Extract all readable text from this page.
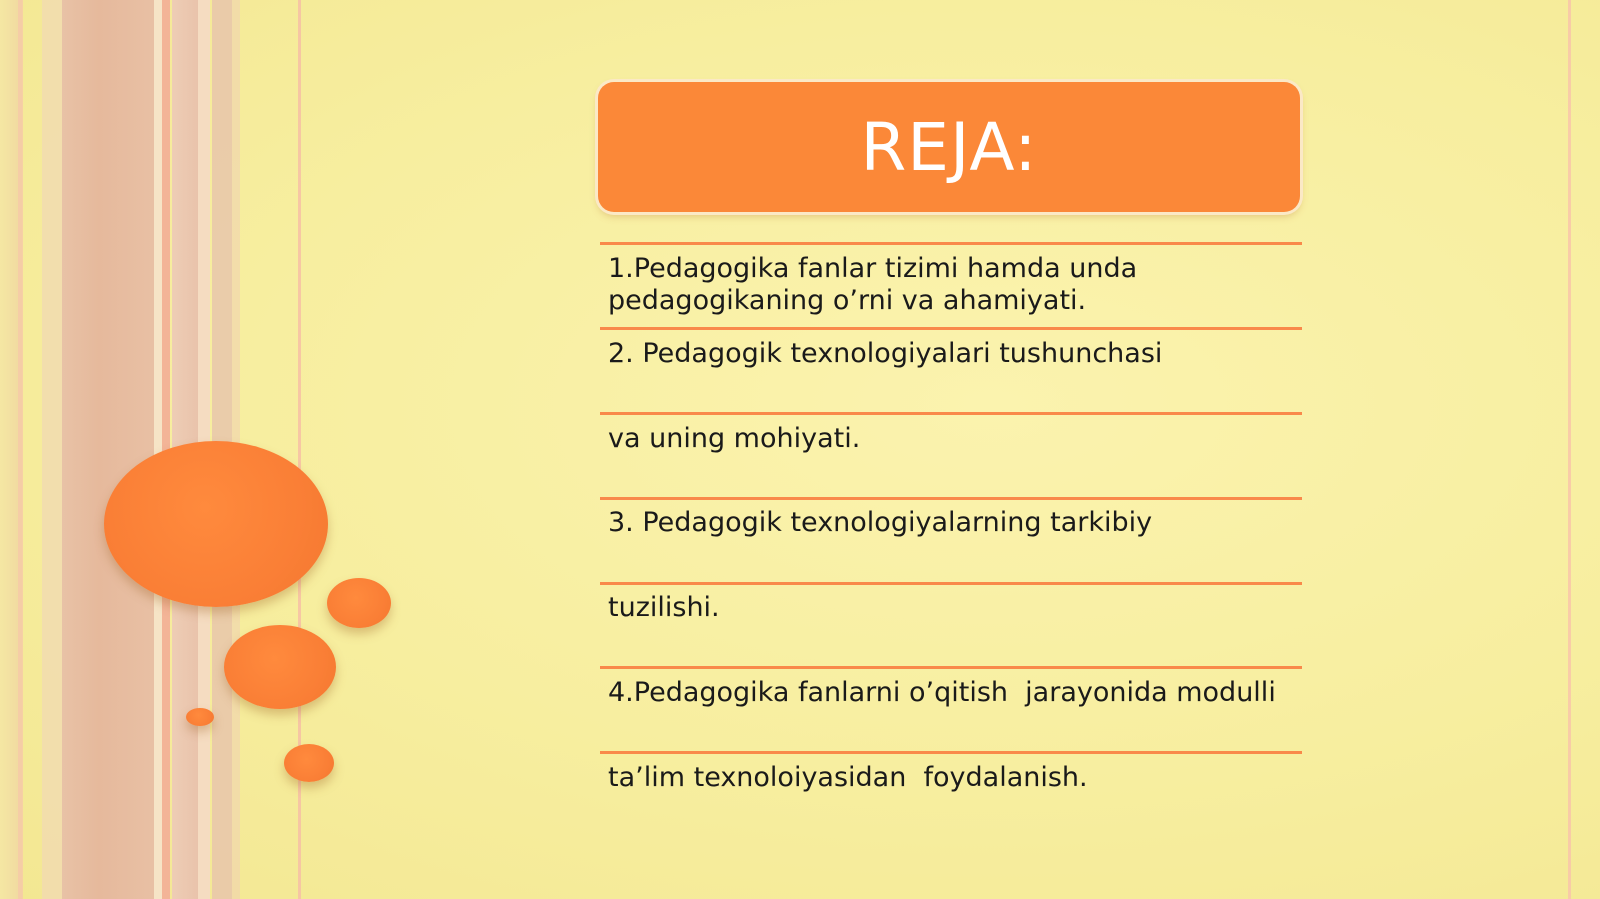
REJA:
1.Pedagogika fanlar tizimi hamda unda
pedagogikaning o’rni va ahamiyati.
2. Pedagogik texnologiyalari tushunchasi
va uning mohiyati.
3. Pedagogik texnologiyalarning tarkibiy
tuzilishi.
4.Pedagogika fanlarni o’qitish  jarayonida modulli
ta’lim texnoloiyasidan  foydalanish.
